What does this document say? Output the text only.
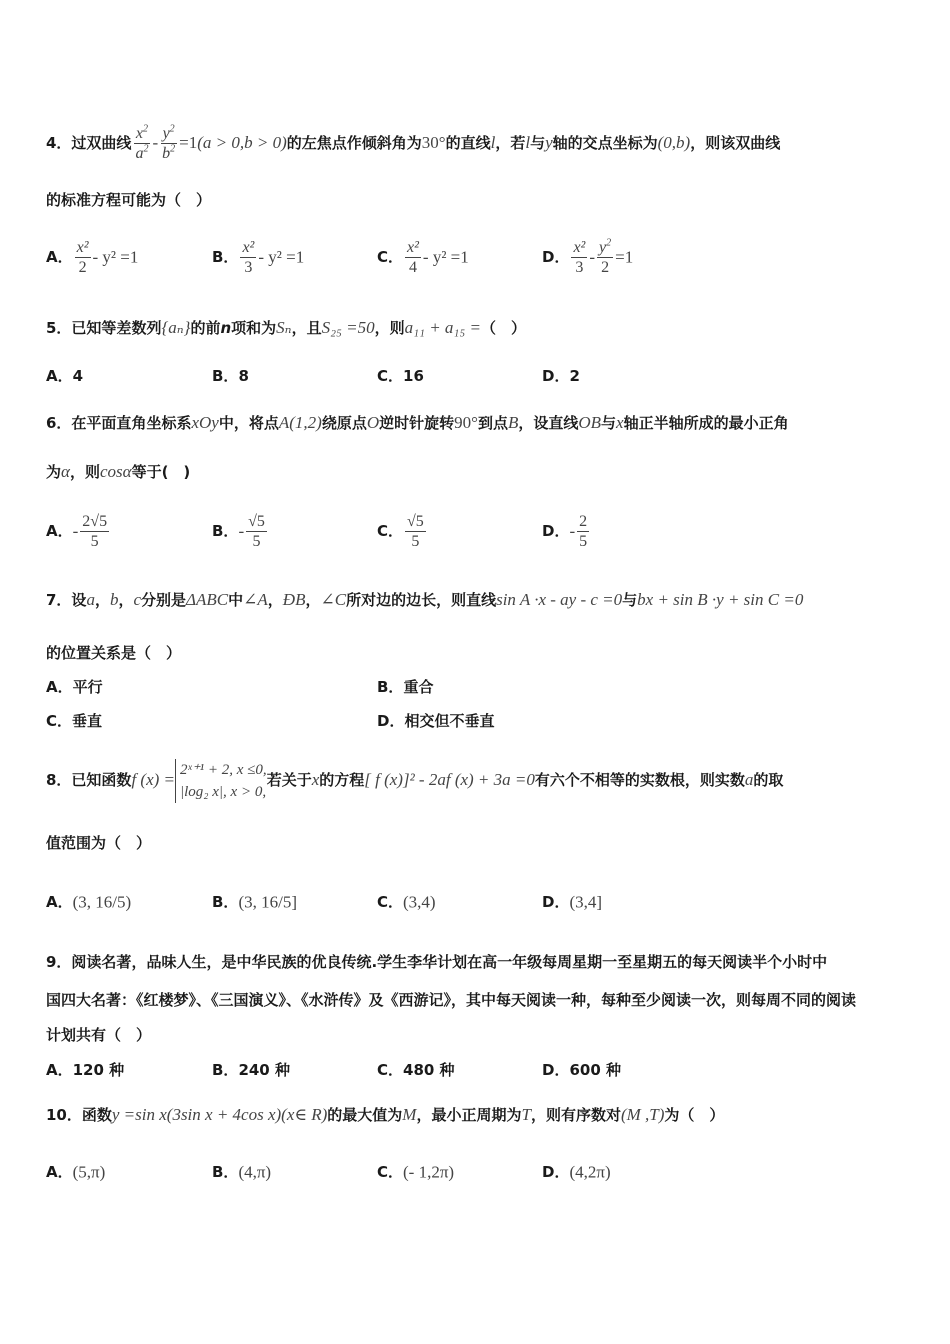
4．过双曲线 $\frac{x^2}{a^2} - \frac{y^2}{b^2} =1(a > 0,b > 0)$的左焦点作倾斜角为30°的直线l，若l与y轴的交点坐标为(0,b)，则该双曲线
的标准方程可能为（　）
A． $\frac{\text{x²}}{2} - y^2 =1$	B． $\frac{\text{x²}}{3} - y^2 =1$	C． $\frac{\text{x²}}{4} - y^2 =1$	D． $\frac{\text{x²}}{3} - \frac{y^2}{2} =1$
5．已知等差数列{aₙ}的前n项和为Sₙ，且S₂₅ =50，则a₁₁ + a₁₅ =（　）
A．4	B．8	C．16	D．2
6．在平面直角坐标系xOy中，将点A(1,2)绕原点O逆时针旋转90°到点B，设直线OB与x轴正半轴所成的最小正角
为α，则cosα等于(　)
A．- $\frac{2√5}{5}$	B．- $\frac{√5}{5}$	C． $\frac{√5}{5}$	D．- $\frac{2}{5}$
7．设a，b，c分别是ΔABC中∠A，ÐB，∠C所对边的边长，则直线sin A ·x - ay - c =0与bx + sin B ·y + sin C =0
的位置关系是（　）
A．平行	B．重合
C．垂直	D．相交但不垂直
8．已知函数f (x) =
2ˣ⁺¹ + 2, x ≤0,
|log₂ x|, x > 0,
若关于x的方程[ f (x)]² - 2af (x) + 3a =0有六个不相等的实数根，则实数a的取
值范围为（　）
A．(3, 16/5)	B．(3, 16/5]	C．(3,4)	D．(3,4]
9．阅读名著，品味人生，是中华民族的优良传统.学生李华计划在高一年级每周星期一至星期五的每天阅读半个小时中
国四大名著：《红楼梦》、《三国演义》、《水浒传》及《西游记》，其中每天阅读一种，每种至少阅读一次，则每周不同的阅读
计划共有（　）
A．120 种	B．240 种	C．480 种	D．600 种
10．函数y =sin x(3sin x + 4cos x)(x∈ R)的最大值为M，最小正周期为T，则有序数对(M ,T)为（　）
A．(5,π)	B．(4,π)	C．(- 1,2π)	D．(4,2π)
